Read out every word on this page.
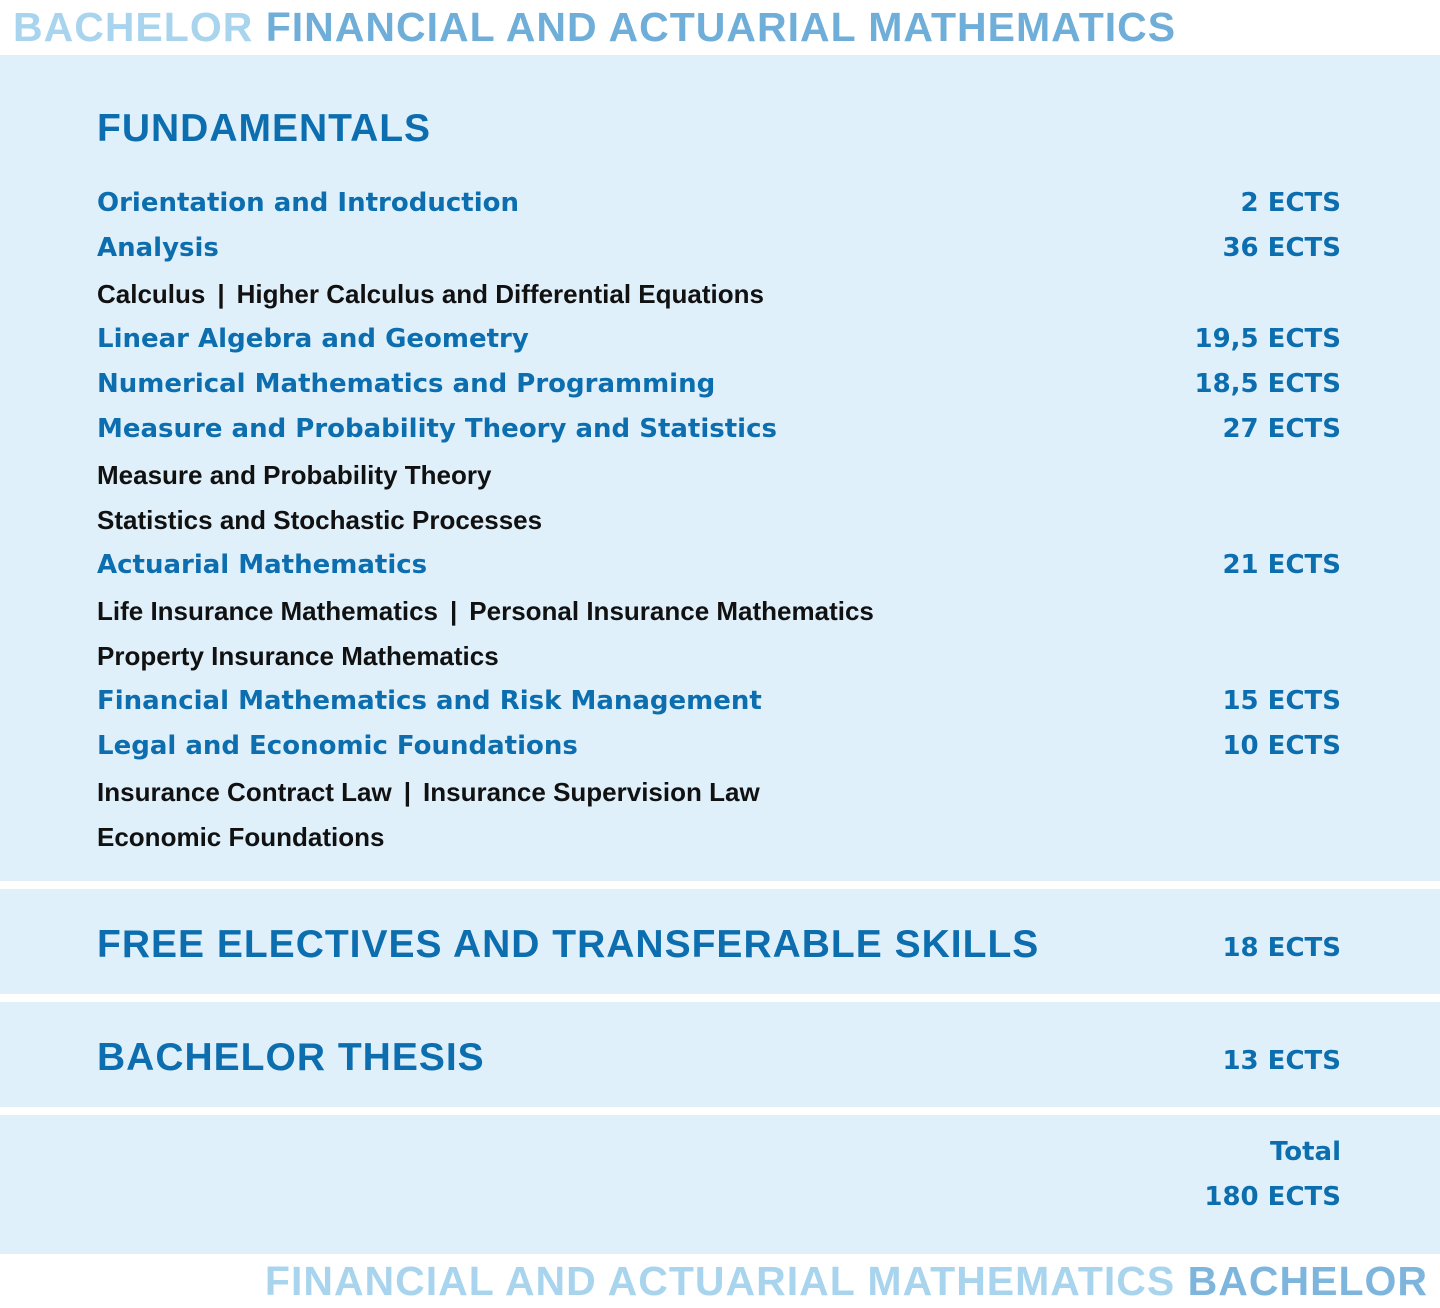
BACHELOR FINANCIAL AND ACTUARIAL MATHEMATICS
FUNDAMENTALS
Orientation and Introduction	2 ECTS
Analysis	36 ECTS
Calculus | Higher Calculus and Differential Equations
Linear Algebra and Geometry	19,5 ECTS
Numerical Mathematics and Programming	18,5 ECTS
Measure and Probability Theory and Statistics	27 ECTS
Measure and Probability Theory
Statistics and Stochastic Processes
Actuarial Mathematics	21 ECTS
Life Insurance Mathematics | Personal Insurance Mathematics
Property Insurance Mathematics
Financial Mathematics and Risk Management	15 ECTS
Legal and Economic Foundations	10 ECTS
Insurance Contract Law | Insurance Supervision Law
Economic Foundations
FREE ELECTIVES AND TRANSFERABLE SKILLS	18 ECTS
BACHELOR THESIS	13 ECTS
Total
180 ECTS
FINANCIAL AND ACTUARIAL MATHEMATICS BACHELOR
